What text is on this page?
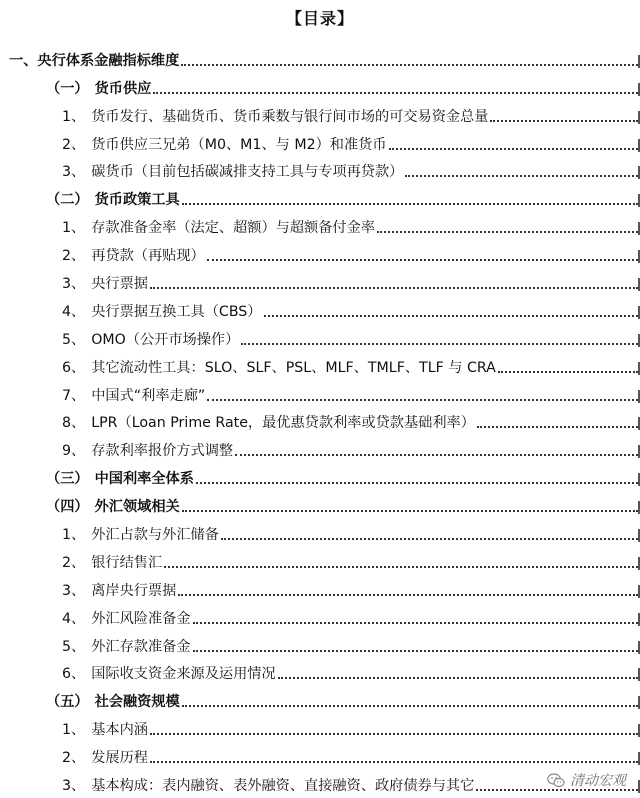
【目录】
一、央行体系金融指标维度
（一） 货币供应
1、 货币发行、基础货币、货币乘数与银行间市场的可交易资金总量
2、 货币供应三兄弟（M0、M1、与 M2）和准货币
3、 碳货币（目前包括碳减排支持工具与专项再贷款）
（二） 货币政策工具
1、 存款准备金率（法定、超额）与超额备付金率
2、 再贷款（再贴现）
3、 央行票据
4、 央行票据互换工具（CBS）
5、 OMO（公开市场操作）
6、 其它流动性工具：SLO、SLF、PSL、MLF、TMLF、TLF 与 CRA
7、 中国式“利率走廊”
8、 LPR（Loan Prime Rate，最优惠贷款利率或贷款基础利率）
9、 存款利率报价方式调整
（三） 中国利率全体系
（四） 外汇领域相关
1、 外汇占款与外汇储备
2、 银行结售汇
3、 离岸央行票据
4、 外汇风险准备金
5、 外汇存款准备金
6、 国际收支资金来源及运用情况
（五） 社会融资规模
1、 基本内涵
2、 发展历程
3、 基本构成：表内融资、表外融资、直接融资、政府债券与其它	清动宏观
